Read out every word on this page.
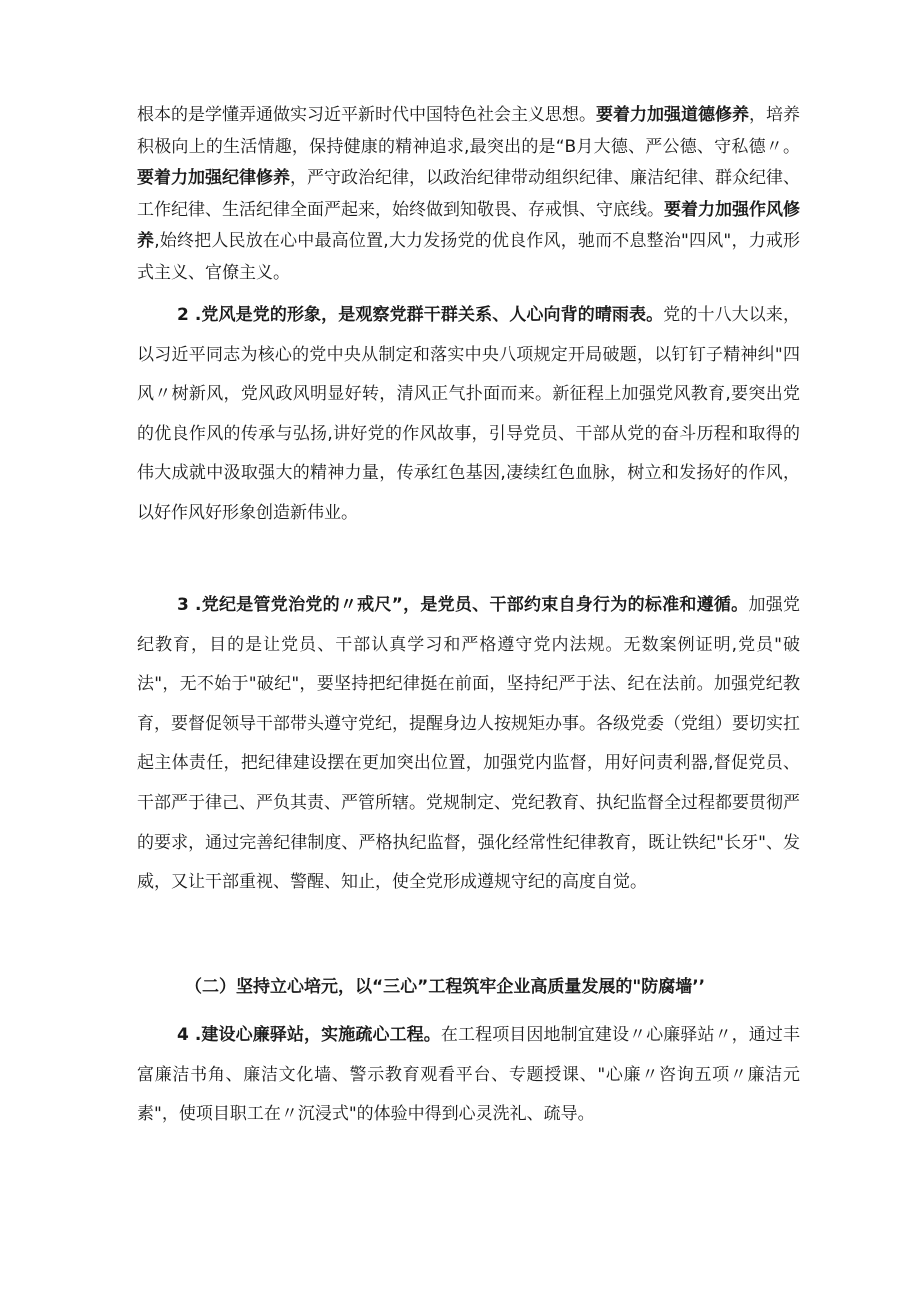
根本的是学懂弄通做实习近平新时代中国特色社会主义思想。要着力加强道德修养，培养积极向上的生活情趣，保持健康的精神追求,最突出的是“B月大德、严公德、守私德〃。要着力加强纪律修养，严守政治纪律，以政治纪律带动组织纪律、廉洁纪律、群众纪律、工作纪律、生活纪律全面严起来，始终做到知敬畏、存戒惧、守底线。要着力加强作风修养,始终把人民放在心中最高位置,大力发扬党的优良作风，驰而不息整治"四风"，力戒形式主义、官僚主义。

2 .党风是党的形象，是观察党群干群关系、人心向背的晴雨表。党的十八大以来，以习近平同志为核心的党中央从制定和落实中央八项规定开局破题，以钉钉子精神纠"四风〃树新风，党风政风明显好转，清风正气扑面而来。新征程上加强党风教育,要突出党的优良作风的传承与弘扬,讲好党的作风故事，引导党员、干部从党的奋斗历程和取得的伟大成就中汲取强大的精神力量，传承红色基因,凄续红色血脉，树立和发扬好的作风，以好作风好形象创造新伟业。

3 .党纪是管党治党的〃戒尺”，是党员、干部约束自身行为的标准和遵循。加强党纪教育，目的是让党员、干部认真学习和严格遵守党内法规。无数案例证明,党员"破法"，无不始于"破纪"，要坚持把纪律挺在前面，坚持纪严于法、纪在法前。加强党纪教育，要督促领导干部带头遵守党纪，提醒身边人按规矩办事。各级党委（党组）要切实扛起主体责任，把纪律建设摆在更加突出位置，加强党内监督，用好问责利器,督促党员、干部严于律己、严负其责、严管所辖。党规制定、党纪教育、执纪监督全过程都要贯彻严的要求，通过完善纪律制度、严格执纪监督，强化经常性纪律教育，既让铁纪"长牙"、发威，又让干部重视、警醒、知止，使全党形成遵规守纪的高度自觉。

（二）坚持立心培元，以“三心”工程筑牢企业高质量发展的"防腐墙’’

4 .建设心廉驿站，实施疏心工程。在工程项目因地制宜建设〃心廉驿站〃，通过丰富廉洁书角、廉洁文化墙、警示教育观看平台、专题授课、"心廉〃咨询五项〃廉洁元素"，使项目职工在〃沉浸式"的体验中得到心灵洗礼、疏导。
